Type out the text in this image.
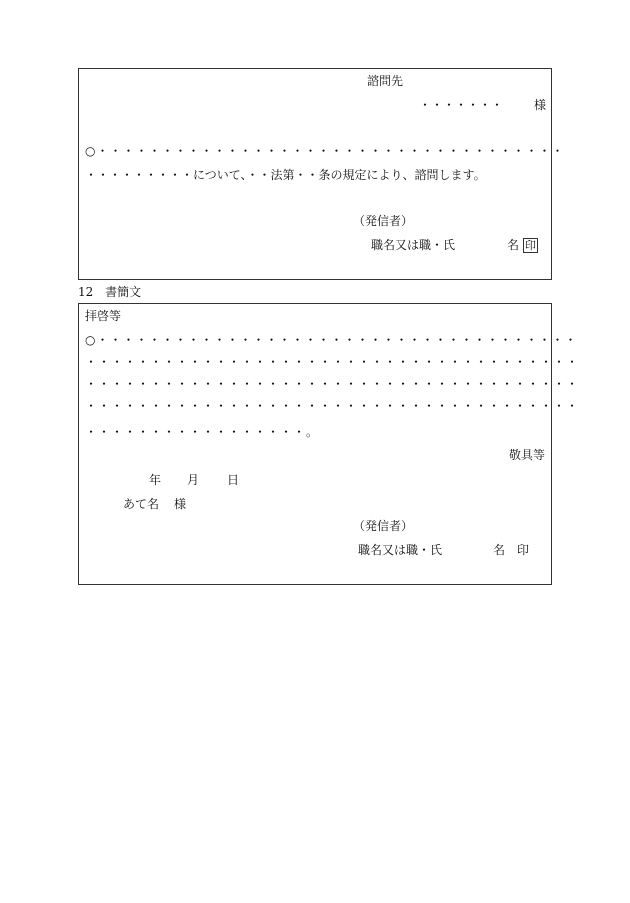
諮問先
・・・・・・・	様
○・・・・・・・・・・・・・・・・・・・・・・・・・・・・・・・・・・・・
・・・・・・・・・について、・・法第・・条の規定により、諮問します。
（発信者）
職名又は職・氏	名 印
12 書簡文
拝啓等
○・・・・・・・・・・・・・・・・・・・・・・・・・・・・・・・・・・・・・
・・・・・・・・・・・・・・・・・・・・・・・・・・・・・・・・・・・・・・
・・・・・・・・・・・・・・・・・・・・・・・・・・・・・・・・・・・・・・
・・・・・・・・・・・・・・・・・・・・・・・・・・・・・・・・・・・・・・
・・・・・・・・・・・・・・・・・。
敬具等
年 月 日
あて名 様
（発信者）
職名又は職・氏	名 印
